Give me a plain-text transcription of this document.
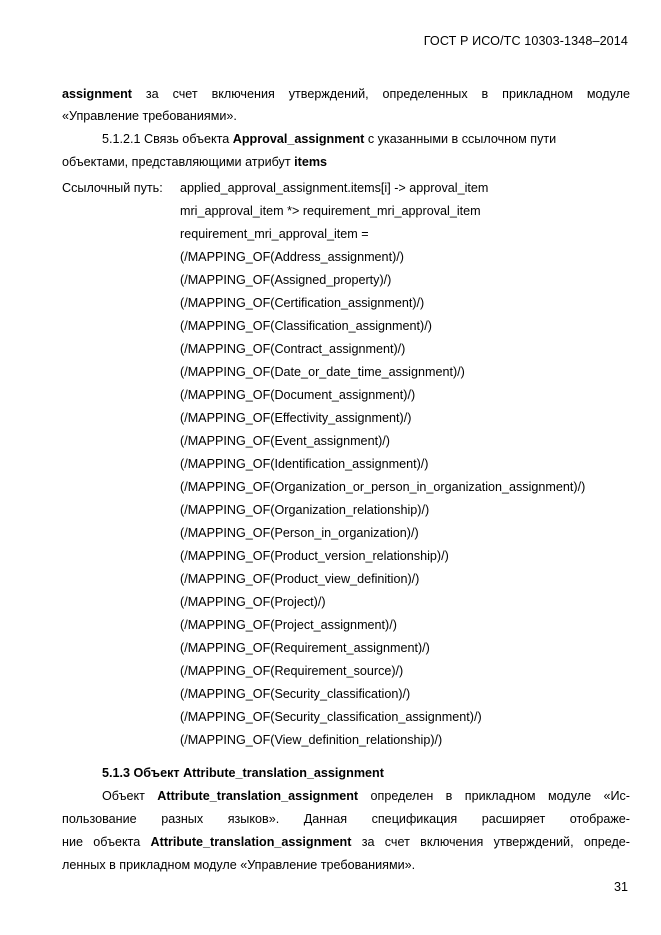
ГОСТ Р ИСО/ТС 10303-1348–2014
assignment за счет включения утверждений, определенных в прикладном модуле
«Управление требованиями».
5.1.2.1 Связь объекта Approval_assignment с указанными в ссылочном пути
объектами, представляющими атрибут items
Ссылочный путь: applied_approval_assignment.items[i] -> approval_item
mri_approval_item *> requirement_mri_approval_item
requirement_mri_approval_item =
(/MAPPING_OF(Address_assignment)/)
(/MAPPING_OF(Assigned_property)/)
(/MAPPING_OF(Certification_assignment)/)
(/MAPPING_OF(Classification_assignment)/)
(/MAPPING_OF(Contract_assignment)/)
(/MAPPING_OF(Date_or_date_time_assignment)/)
(/MAPPING_OF(Document_assignment)/)
(/MAPPING_OF(Effectivity_assignment)/)
(/MAPPING_OF(Event_assignment)/)
(/MAPPING_OF(Identification_assignment)/)
(/MAPPING_OF(Organization_or_person_in_organization_assignment)/)
(/MAPPING_OF(Organization_relationship)/)
(/MAPPING_OF(Person_in_organization)/)
(/MAPPING_OF(Product_version_relationship)/)
(/MAPPING_OF(Product_view_definition)/)
(/MAPPING_OF(Project)/)
(/MAPPING_OF(Project_assignment)/)
(/MAPPING_OF(Requirement_assignment)/)
(/MAPPING_OF(Requirement_source)/)
(/MAPPING_OF(Security_classification)/)
(/MAPPING_OF(Security_classification_assignment)/)
(/MAPPING_OF(View_definition_relationship)/)
5.1.3 Объект Attribute_translation_assignment
Объект Attribute_translation_assignment определен в прикладном модуле «Ис-
пользование разных языков». Данная спецификация расширяет отображе-
ние объекта Attribute_translation_assignment за счет включения утверждений, опреде-
ленных в прикладном модуле «Управление требованиями».
31
